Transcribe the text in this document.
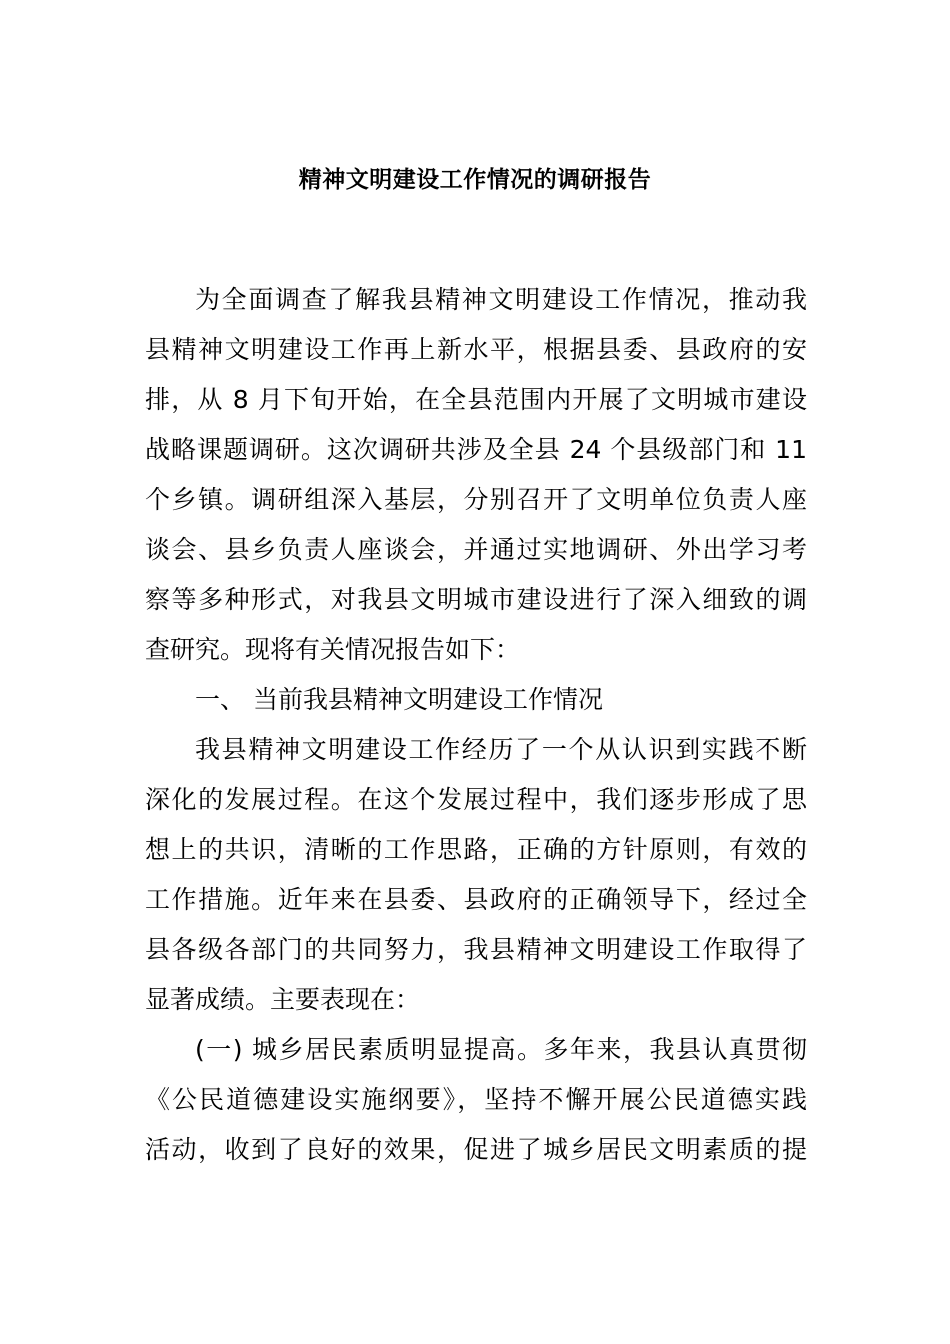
精神文明建设工作情况的调研报告
为全面调查了解我县精神文明建设工作情况，推动我
县精神文明建设工作再上新水平，根据县委、县政府的安
排，从 8 月下旬开始，在全县范围内开展了文明城市建设
战略课题调研。这次调研共涉及全县 24 个县级部门和 11
个乡镇。调研组深入基层，分别召开了文明单位负责人座
谈会、县乡负责人座谈会，并通过实地调研、外出学习考
察等多种形式，对我县文明城市建设进行了深入细致的调
查研究。现将有关情况报告如下：
一、 当前我县精神文明建设工作情况
我县精神文明建设工作经历了一个从认识到实践不断
深化的发展过程。在这个发展过程中，我们逐步形成了思
想上的共识，清晰的工作思路，正确的方针原则，有效的
工作措施。近年来在县委、县政府的正确领导下，经过全
县各级各部门的共同努力，我县精神文明建设工作取得了
显著成绩。主要表现在：
(一) 城乡居民素质明显提高。多年来，我县认真贯彻
《公民道德建设实施纲要》，坚持不懈开展公民道德实践
活动，收到了良好的效果，促进了城乡居民文明素质的提
